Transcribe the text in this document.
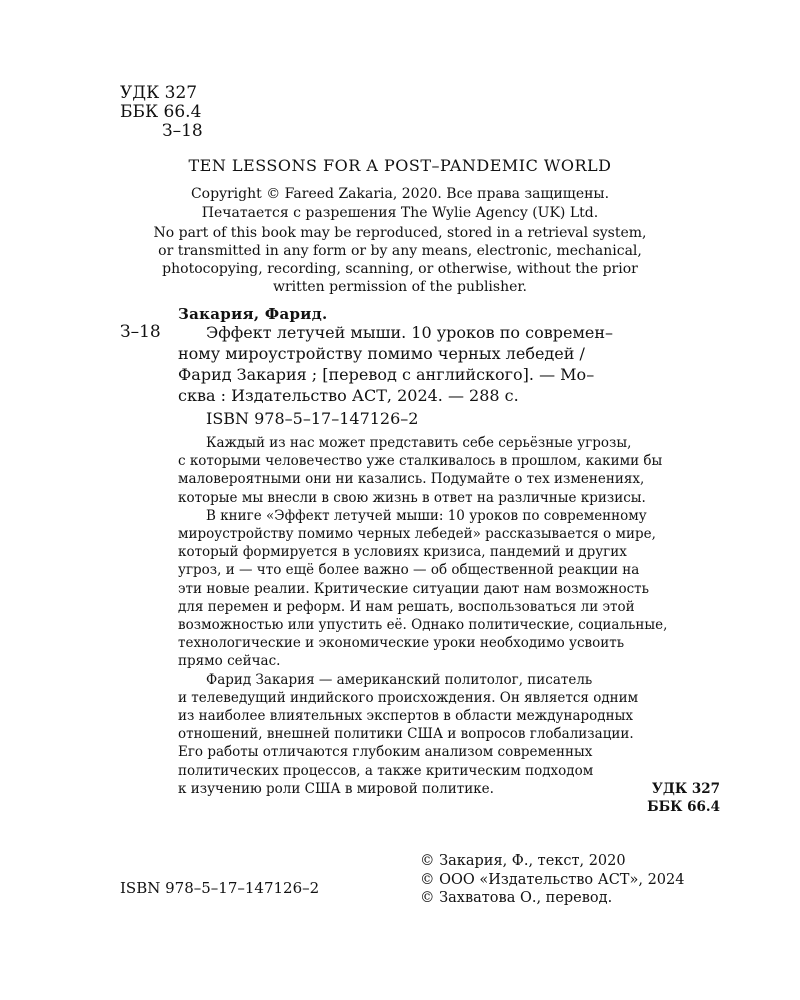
УДК 327
ББК 66.4
З–18
TEN LESSONS FOR A POST–PANDEMIC WORLD
Copyright © Fareed Zakaria, 2020. Все права защищены.
Печатается с разрешения The Wylie Agency (UK) Ltd.
No part of this book may be reproduced, stored in a retrieval system,
or transmitted in any form or by any means, electronic, mechanical,
photocopying, recording, scanning, or otherwise, without the prior
written permission of the publisher.
Закария, Фарид.
З–18	Эффект летучей мыши. 10 уроков по современ–
ному мироустройству помимо черных лебедей /
Фарид Закария ; [перевод с английского]. — Мо–
сква : Издательство АСТ, 2024. — 288 с.
ISBN 978–5–17–147126–2
Каждый из нас может представить себе серьёзные угрозы,
с которыми человечество уже сталкивалось в прошлом, какими бы
маловероятными они ни казались. Подумайте о тех изменениях,
которые мы внесли в свою жизнь в ответ на различные кризисы.
В книге «Эффект летучей мыши: 10 уроков по современному
мироустройству помимо черных лебедей» рассказывается о мире,
который формируется в условиях кризиса, пандемий и других
угроз, и — что ещё более важно — об общественной реакции на
эти новые реалии. Критические ситуации дают нам возможность
для перемен и реформ. И нам решать, воспользоваться ли этой
возможностью или упустить её. Однако политические, социальные,
технологические и экономические уроки необходимо усвоить
прямо сейчас.
Фарид Закария — американский политолог, писатель
и телеведущий индийского происхождения. Он является одним
из наиболее влиятельных экспертов в области международных
отношений, внешней политики США и вопросов глобализации.
Его работы отличаются глубоким анализом современных
политических процессов, а также критическим подходом
к изучению роли США в мировой политике.	УДК 327
ББК 66.4
ISBN 978–5–17–147126–2
© Закария, Ф., текст, 2020
© ООО «Издательство АСТ», 2024
© Захватова О., перевод.
